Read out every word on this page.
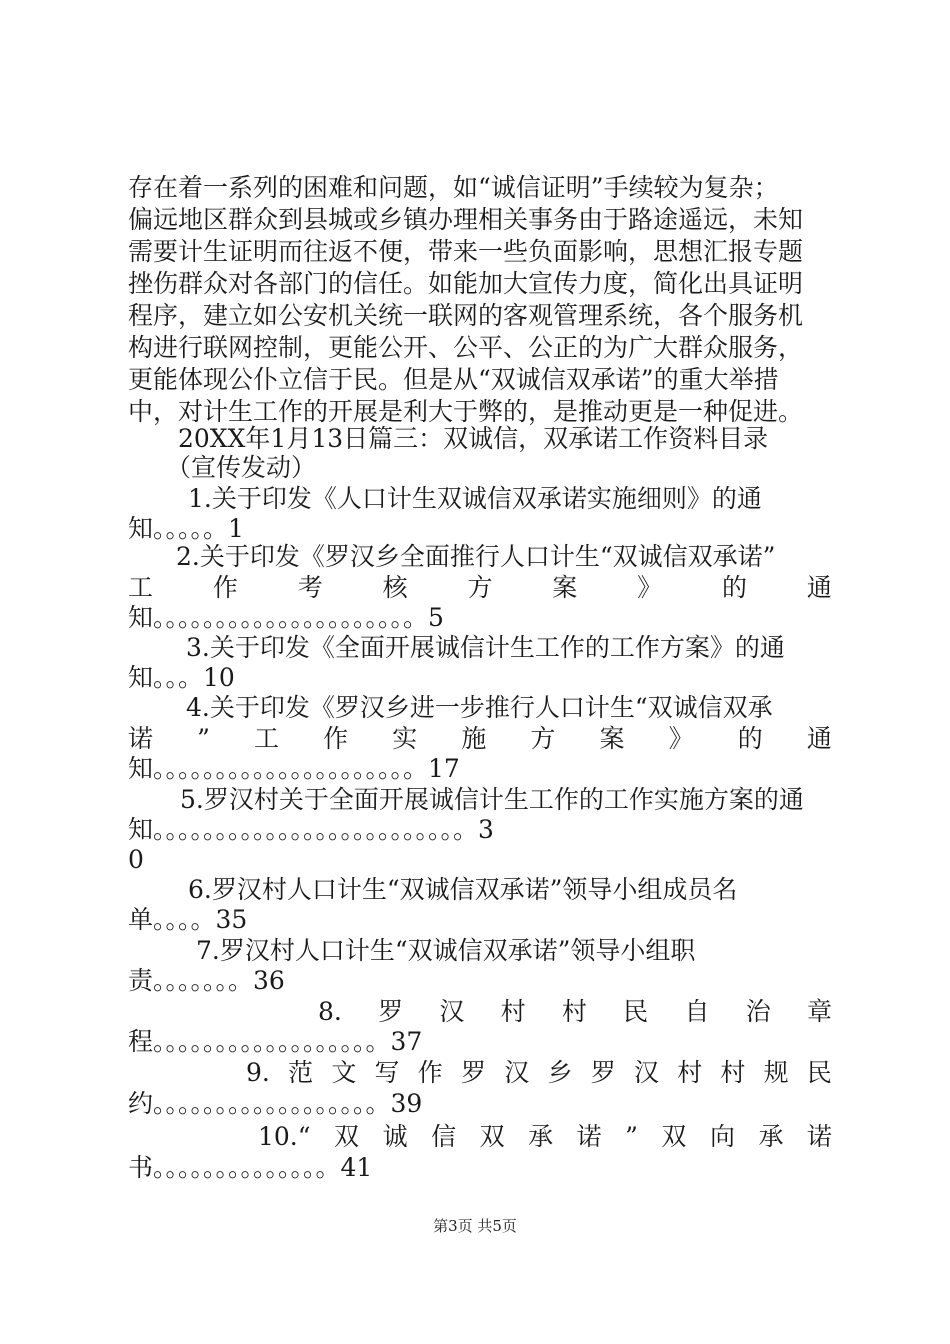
存在着一系列的困难和问题，如“诚信证明”手续较为复杂；
偏远地区群众到县城或乡镇办理相关事务由于路途遥远，未知
需要计生证明而往返不便，带来一些负面影响，思想汇报专题
挫伤群众对各部门的信任。如能加大宣传力度，简化出具证明
程序，建立如公安机关统一联网的客观管理系统，各个服务机
构进行联网控制，更能公开、公平、公正的为广大群众服务，
更能体现公仆立信于民。但是从“双诚信双承诺”的重大举措
中，对计生工作的开展是利大于弊的，是推动更是一种促进。
20XX年1月13日篇三：双诚信，双承诺工作资料目录
（宣传发动）
1.关于印发《人口计生双诚信双承诺实施细则》的通
知。。。。。1
2.关于印发《罗汉乡全面推行人口计生“双诚信双承诺”
工 作 考 核 方 案 》 的 通
知。。。。。。。。。。。。。。。。。。。。。5
3.关于印发《全面开展诚信计生工作的工作方案》的通
知。。。10
4.关于印发《罗汉乡进一步推行人口计生“双诚信双承
诺 ” 工 作 实 施 方 案 》 的 通
知。。。。。。。。。。。。。。。。。。。。。17
5.罗汉村关于全面开展诚信计生工作的工作实施方案的通
知。。。。。。。。。。。。。。。。。。。。。。。。。3
0
6.罗汉村人口计生“双诚信双承诺”领导小组成员名
单。。。。35
7.罗汉村人口计生“双诚信双承诺”领导小组职
责。。。。。。。36
8. 罗 汉 村 村 民 自 治 章
程。。。。。。。。。。。。。。。。。。37
9. 范 文 写 作 罗 汉 乡 罗 汉 村 村 规 民
约。。。。。。。。。。。。。。。。。。39
10.“ 双 诚 信 双 承 诺 ” 双 向 承 诺
书。。。。。。。。。。。。。。41
第3页 共5页
